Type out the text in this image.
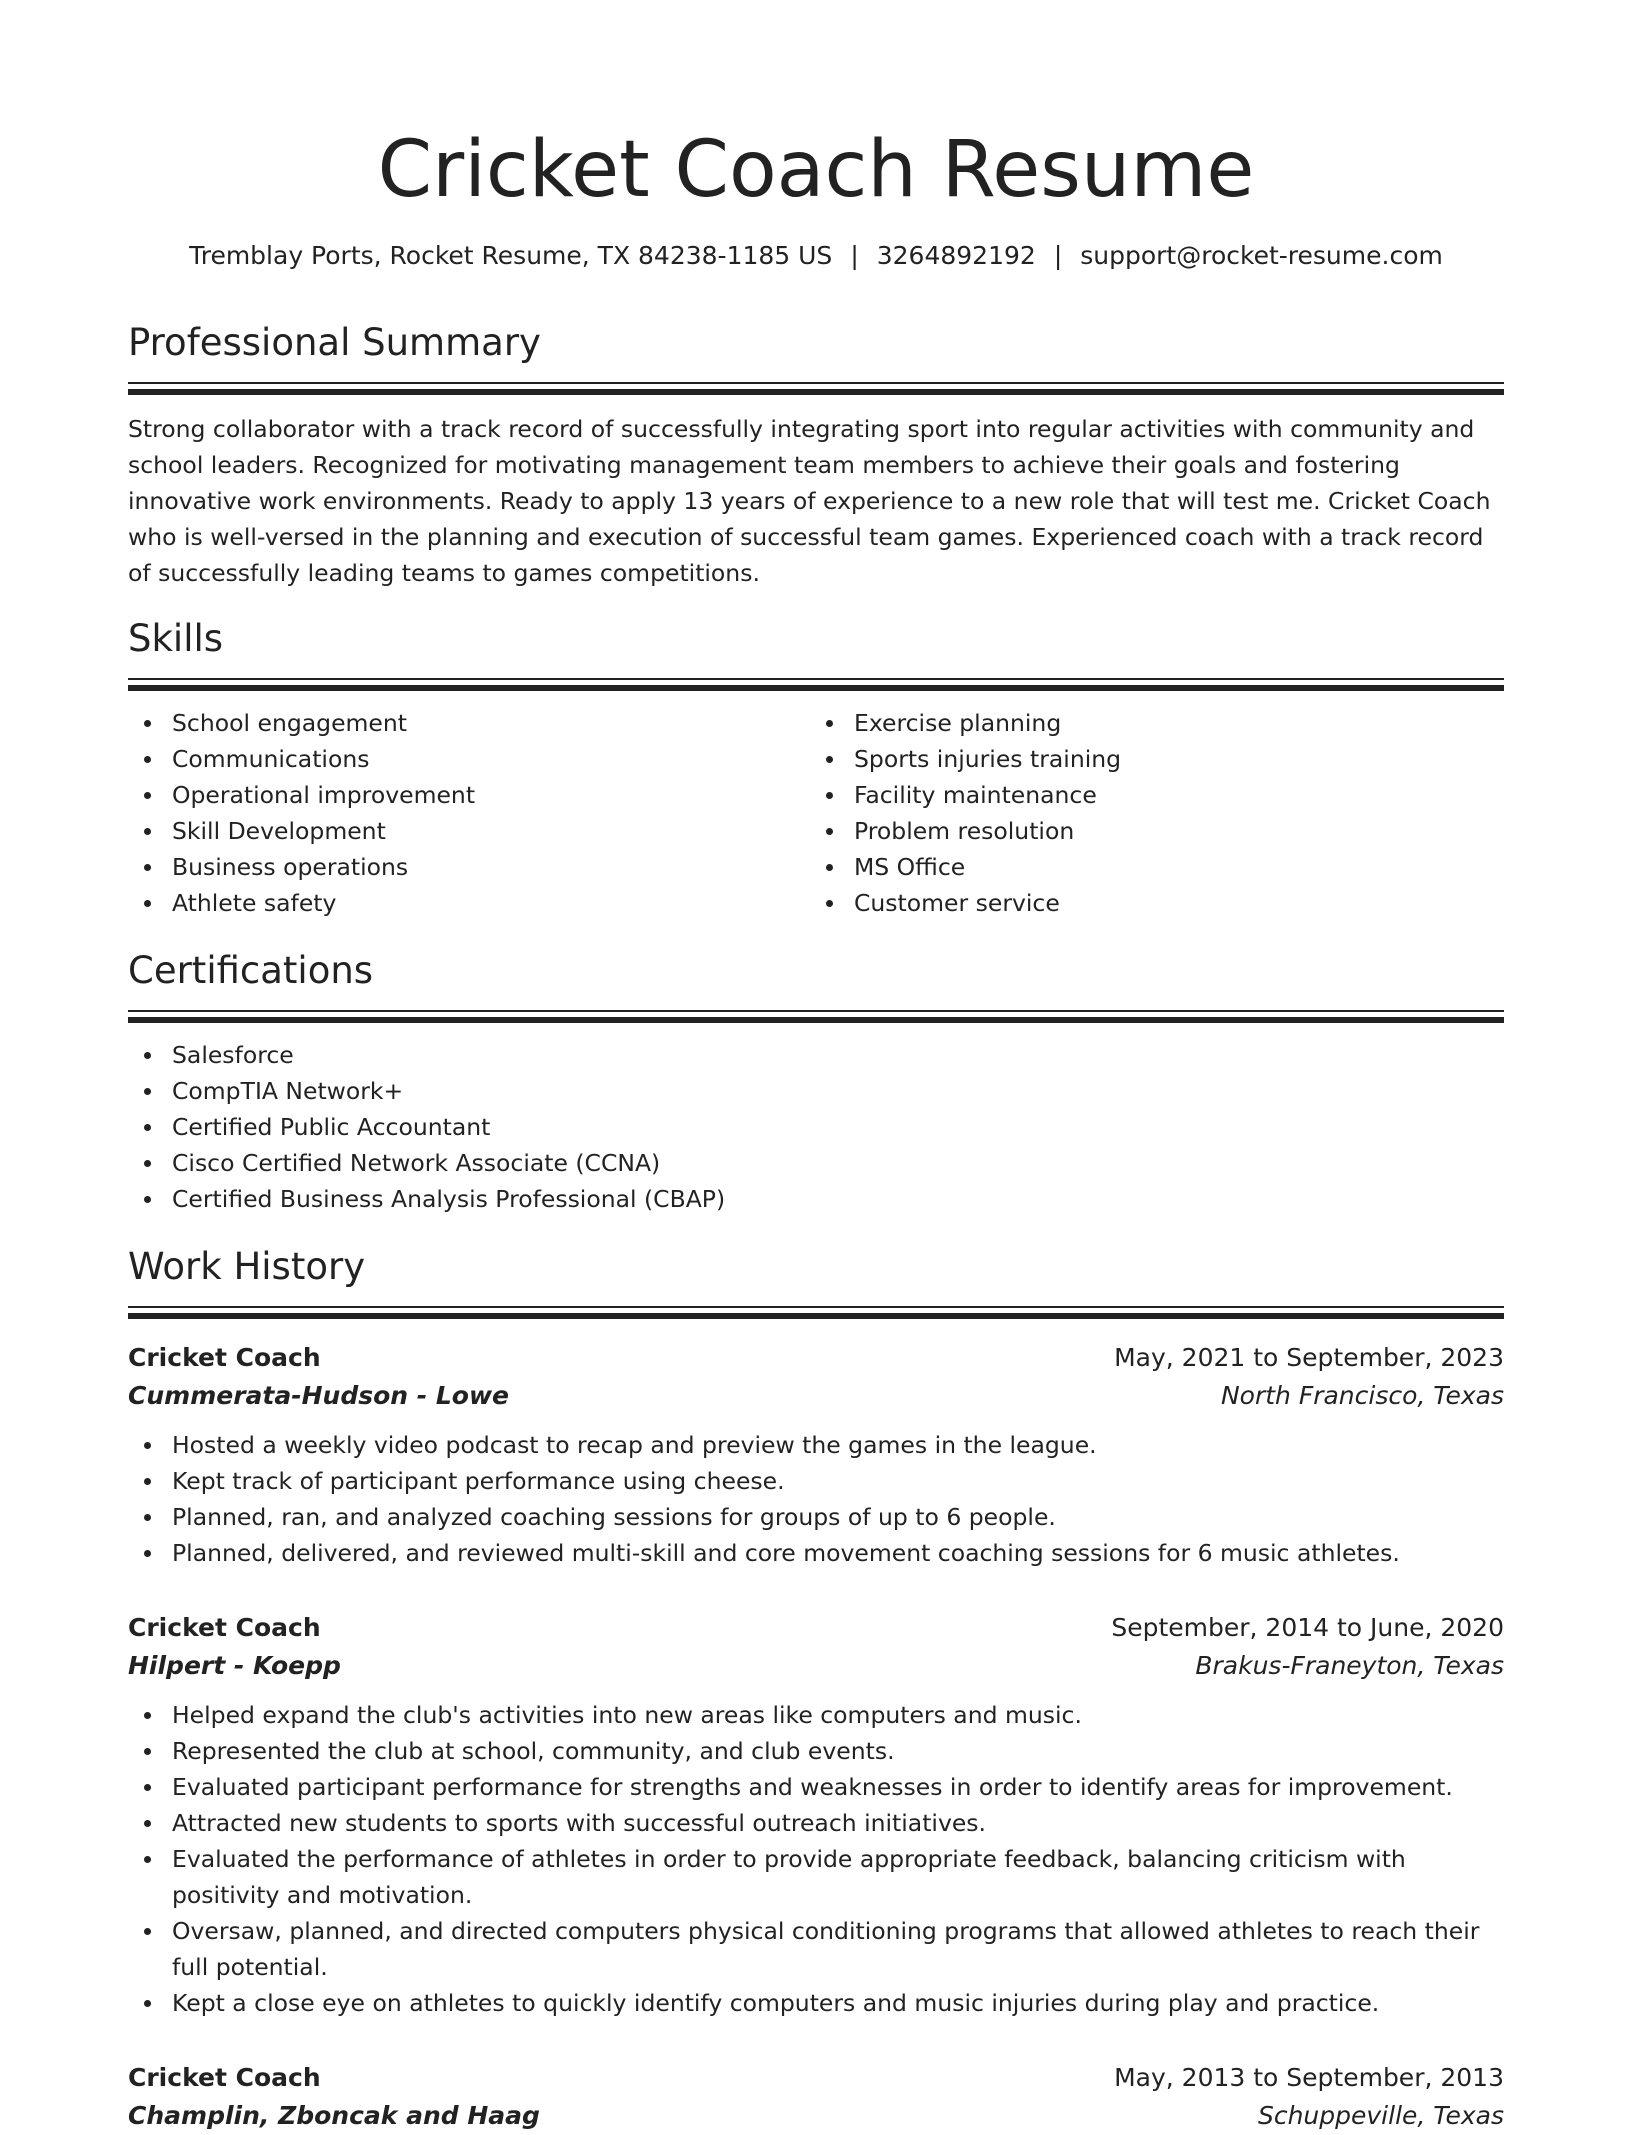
Cricket Coach Resume
Tremblay Ports, Rocket Resume, TX 84238-1185 US | 3264892192 | support@rocket-resume.com
Professional Summary

Strong collaborator with a track record of successfully integrating sport into regular activities with community and school leaders. Recognized for motivating management team members to achieve their goals and fostering innovative work environments. Ready to apply 13 years of experience to a new role that will test me. Cricket Coach who is well-versed in the planning and execution of successful team games. Experienced coach with a track record of successfully leading teams to games competitions.

Skills
School engagement
Communications
Operational improvement
Skill Development
Business operations
Athlete safety
Exercise planning
Sports injuries training
Facility maintenance
Problem resolution
MS Office
Customer service
Certifications
Salesforce
CompTIA Network+
Certified Public Accountant
Cisco Certified Network Associate (CCNA)
Certified Business Analysis Professional (CBAP)
Work History
Cricket Coach	May, 2021 to September, 2023
Cummerata-Hudson - Lowe	North Francisco, Texas
Hosted a weekly video podcast to recap and preview the games in the league.
Kept track of participant performance using cheese.
Planned, ran, and analyzed coaching sessions for groups of up to 6 people.
Planned, delivered, and reviewed multi-skill and core movement coaching sessions for 6 music athletes.
Cricket Coach	September, 2014 to June, 2020
Hilpert - Koepp	Brakus-Franeyton, Texas
Helped expand the club's activities into new areas like computers and music.
Represented the club at school, community, and club events.
Evaluated participant performance for strengths and weaknesses in order to identify areas for improvement.
Attracted new students to sports with successful outreach initiatives.
Evaluated the performance of athletes in order to provide appropriate feedback, balancing criticism with positivity and motivation.
Oversaw, planned, and directed computers physical conditioning programs that allowed athletes to reach their full potential.
Kept a close eye on athletes to quickly identify computers and music injuries during play and practice.
Cricket Coach	May, 2013 to September, 2013
Champlin, Zboncak and Haag	Schuppeville, Texas
